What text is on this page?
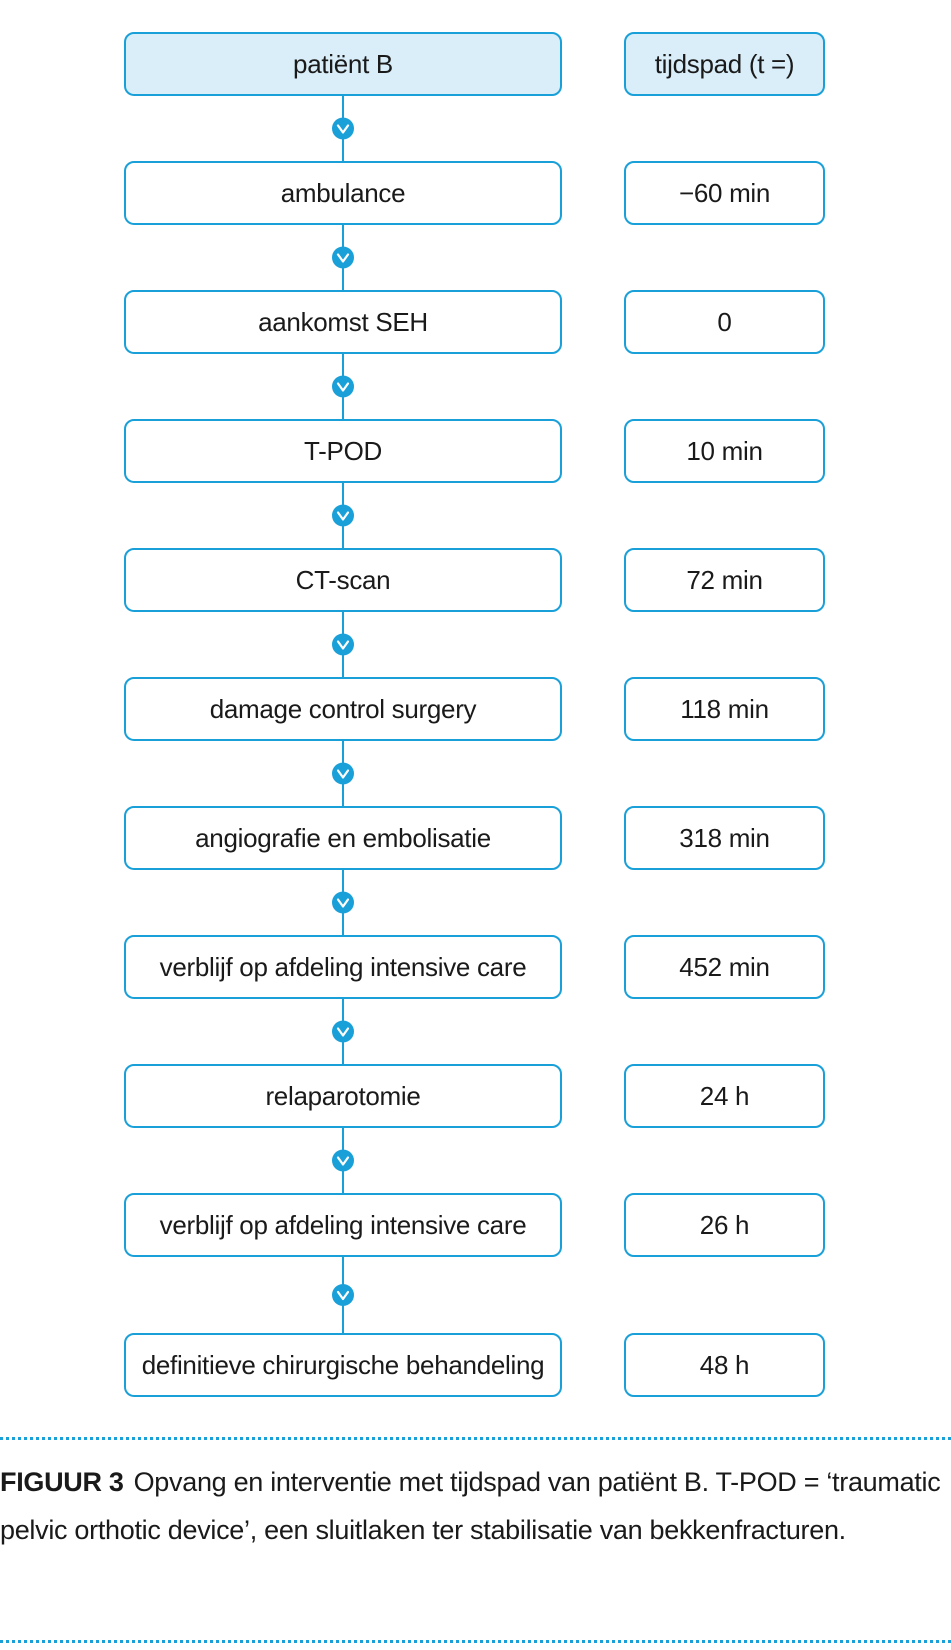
patiënt B	tijdspad (t =)
ambulance	−60 min
aankomst SEH	0
T-POD	10 min
CT-scan	72 min
damage control surgery	118 min
angiografie en embolisatie	318 min
verblijf op afdeling intensive care	452 min
relaparotomie	24 h
verblijf op afdeling intensive care	26 h
definitieve chirurgische behandeling	48 h
FIGUUR 3 Opvang en interventie met tijdspad van patiënt B. T-POD = ‘traumatic pelvic orthotic device’, een sluitlaken ter stabilisatie van bekkenfracturen.
